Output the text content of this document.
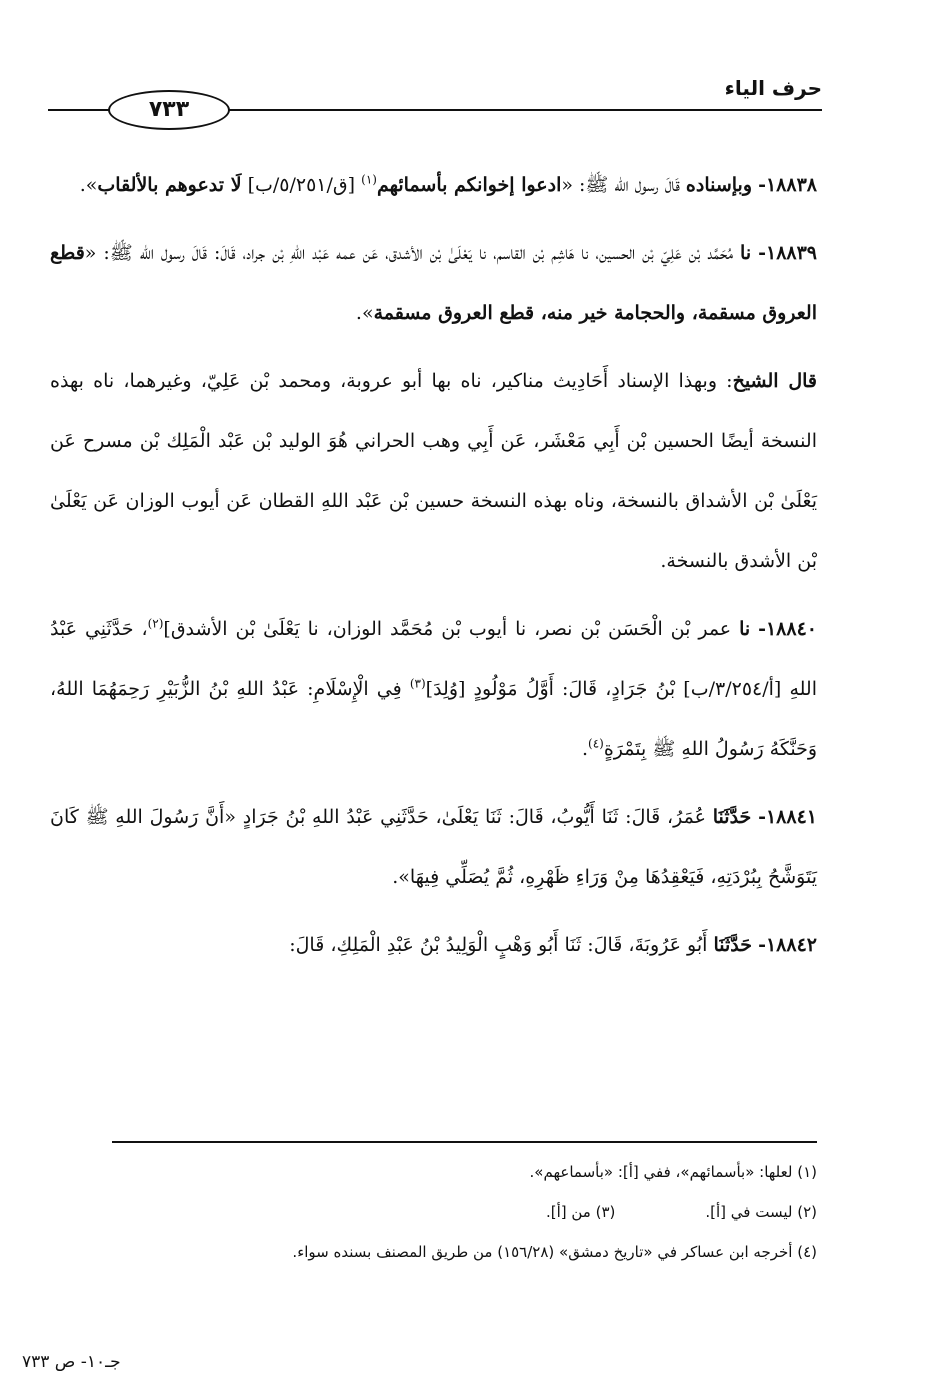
حرف الياء
٧٣٣

١٨٨٣٨- وبإسناده قَالَ رسول الله ﷺ: «ادعوا إخوانكم بأسمائهم$^{(١)}$ [ق/٥/٢٥١/ب] لَا تدعوهم بالألقاب».

١٨٨٣٩- نا مُحَمَّد بْن عَلِيّ بْن الحسين، نا هَاشِم بْن القاسم، نا يَعْلَىٰ بْن الأشدق، عَن عمه عَبْد اللهِ بْن جراد، قَالَ: قَالَ رسول الله ﷺ: «قطع العروق مسقمة، والحجامة خير منه، قطع العروق مسقمة».

قال الشيخ: وبهذا الإسناد أَحَادِيث مناكير، ناه بها أبو عروبة، ومحمد بْن عَلِيّ، وغيرهما، ناه بهذه النسخة أيضًا الحسين بْن أَبِي مَعْشَر، عَن أَبِي وهب الحراني هُوَ الوليد بْن عَبْد الْمَلِك بْن مسرح عَن يَعْلَىٰ بْن الأشداق بالنسخة، وناه بهذه النسخة حسين بْن عَبْد اللهِ القطان عَن أيوب الوزان عَن يَعْلَىٰ بْن الأشدق بالنسخة.

١٨٨٤٠- نا عمر بْن الْحَسَن بْن نصر، نا أيوب بْن مُحَمَّد الوزان، نا يَعْلَىٰ بْن الأشدق]$^{(٢)}$، حَدَّثَنِي عَبْدُ اللهِ [أ/٣/٢٥٤/ب] بْنُ جَرَادٍ، قَالَ: أَوَّلُ مَوْلُودٍ [وُلِدَ]$^{(٣)}$ فِي الْإِسْلَامِ: عَبْدُ اللهِ بْنُ الزُّبَيْرِ رَحِمَهُمَا اللهُ، وَحَنَّكَهُ رَسُولُ اللهِ ﷺ بِتَمْرَةٍ$^{(٤)}$.

١٨٨٤١- حَدَّثَنَا عُمَرُ، قَالَ: ثَنَا أَيُّوبُ، قَالَ: ثَنَا يَعْلَىٰ، حَدَّثَنِي عَبْدُ اللهِ بْنُ جَرَادٍ «أَنَّ رَسُولَ اللهِ ﷺ كَانَ يَتَوَشَّحُ بِبُرْدَتِهِ، فَيَعْقِدُهَا مِنْ وَرَاءِ ظَهْرِهِ، ثُمَّ يُصَلِّي فِيهَا».

١٨٨٤٢- حَدَّثَنَا أَبُو عَرُوبَةَ، قَالَ: ثَنَا أَبُو وَهْبٍ الْوَلِيدُ بْنُ عَبْدِ الْمَلِكِ، قَالَ:

(١) لعلها: «بأسمائهم»، ففي [أ]: «بأسماعهم».
(٢) ليست في [أ].(٣) من [أ].
(٤) أخرجه ابن عساكر في «تاريخ دمشق» (١٥٦/٢٨) من طريق المصنف بسنده سواء.
جـ١٠- ص ٧٣٣
